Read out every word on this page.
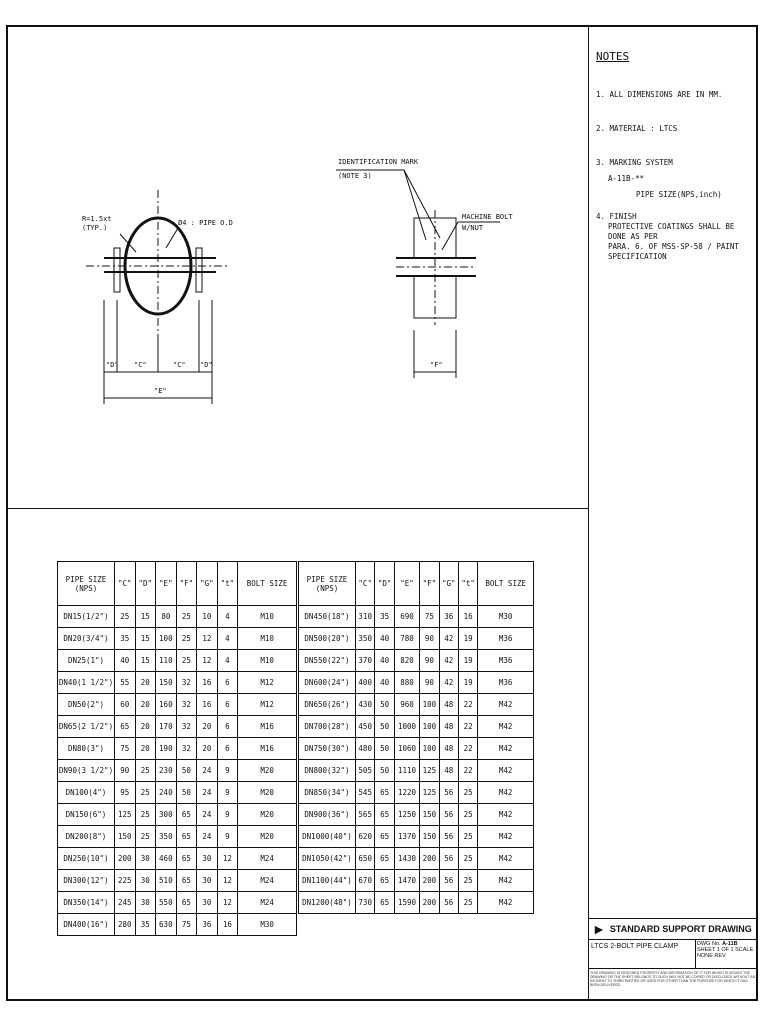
NOTES
1. ALL DIMENSIONS ARE IN MM.
2. MATERIAL : LTCS
3. MARKING SYSTEM
A-11B-**
PIPE SIZE(NPS,inch)
4. FINISH
PROTECTIVE COATINGS SHALL BE DONE AS PER
PARA. 6. OF MSS-SP-58 / PAINT SPECIFICATION
R=1.5xt
(TYP.)
Ø4 : PIPE O.D
"D" "C"	"C" "D"
"E"
"F"
IDENTIFICATION MARK
(NOTE 3)
MACHINE BOLT
W/NUT
PIPE SIZE (NPS)	"C"	"D"	"E"	"F"	"G"	"t"	BOLT SIZE
DN15(1/2")	25	15	80	25	10	4	M10
DN20(3/4")	35	15	100	25	12	4	M10
DN25(1")	40	15	110	25	12	4	M10
DN40(1 1/2")	55	20	150	32	16	6	M12
DN50(2")	60	20	160	32	16	6	M12
DN65(2 1/2")	65	20	170	32	20	6	M16
DN80(3")	75	20	190	32	20	6	M16
DN90(3 1/2")	90	25	230	50	24	9	M20
DN100(4")	95	25	240	50	24	9	M20
DN150(6")	125	25	300	65	24	9	M20
DN200(8")	150	25	350	65	24	9	M20
DN250(10")	200	30	460	65	30	12	M24
DN300(12")	225	30	510	65	30	12	M24
DN350(14")	245	30	550	65	30	12	M24
DN400(16")	280	35	630	75	36	16	M30
PIPE SIZE (NPS)	"C"	"D"	"E"	"F"	"G"	"t"	BOLT SIZE
DN450(18")	310	35	690	75	36	16	M30
DN500(20")	350	40	780	90	42	19	M36
DN550(22")	370	40	820	90	42	19	M36
DN600(24")	400	40	880	90	42	19	M36
DN650(26")	430	50	960	100	48	22	M42
DN700(28")	450	50	1000	100	48	22	M42
DN750(30")	480	50	1060	100	48	22	M42
DN800(32")	505	50	1110	125	48	22	M42
DN850(34")	545	65	1220	125	56	25	M42
DN900(36")	565	65	1250	150	56	25	M42
DN1000(40")	620	65	1370	150	56	25	M42
DN1050(42")	650	65	1430	200	56	25	M42
DN1100(44")	670	65	1470	200	56	25	M42
DN1200(48")	730	65	1590	200	56	25	M42
► STANDARD SUPPORT DRAWING
LTCS 2-BOLT PIPE CLAMP	DWG No. A-11B
SHEET 1 OF 1 SCALE NONE REV
THIS DRAWING IS DESIGNED PROPERTY AND INFORMATION OF IT FOR WHICH IS ISSUED THE DRAWING OR THE SHEET BELONGS TO SUCH WAY NOT BE COPIED OR DISCLOSED WITHOUT AN INCIDENT TO THIRD PARTIES OR USED FOR OTHER THAN THE PURPOSE FOR WHICH IT HAS BEEN DELIVERED.
